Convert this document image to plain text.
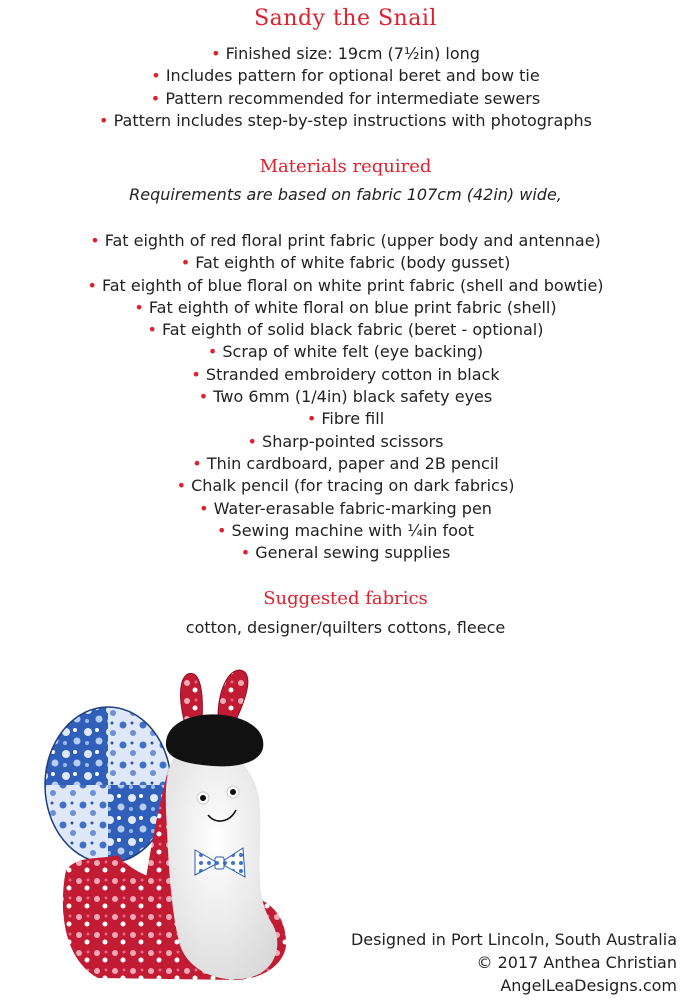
Sandy the Snail
• Finished size: 19cm (7½in) long
• Includes pattern for optional beret and bow tie
• Pattern recommended for intermediate sewers
• Pattern includes step-by-step instructions with photographs
Materials required
Requirements are based on fabric 107cm (42in) wide,
• Fat eighth of red floral print fabric (upper body and antennae)
• Fat eighth of white fabric (body gusset)
• Fat eighth of blue floral on white print fabric (shell and bowtie)
• Fat eighth of white floral on blue print fabric (shell)
• Fat eighth of solid black fabric (beret - optional)
• Scrap of white felt (eye backing)
• Stranded embroidery cotton in black
• Two 6mm (1/4in) black safety eyes
• Fibre fill
• Sharp-pointed scissors
• Thin cardboard, paper and 2B pencil
• Chalk pencil (for tracing on dark fabrics)
• Water-erasable fabric-marking pen
• Sewing machine with ¼in foot
• General sewing supplies
Suggested fabrics
cotton, designer/quilters cottons, fleece
Designed in Port Lincoln, South Australia
© 2017 Anthea Christian
AngelLeaDesigns.com
